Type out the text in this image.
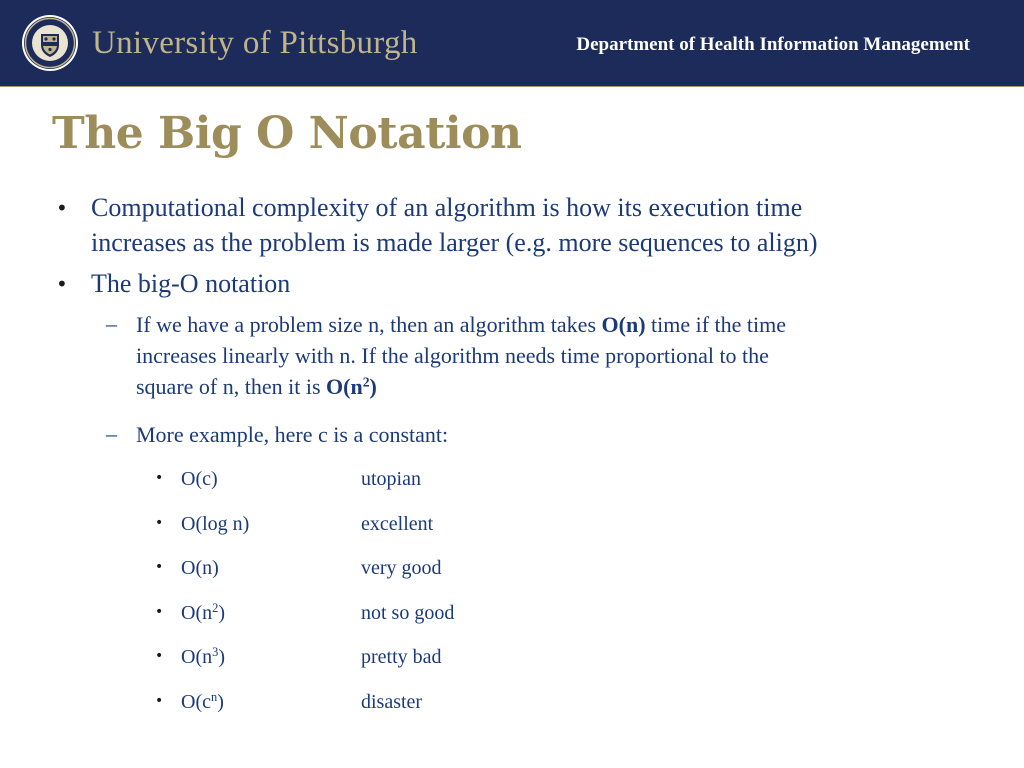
University of Pittsburgh	Department of Health Information Management
The Big O Notation
• Computational complexity of an algorithm is how its execution time
increases as the problem is made larger (e.g. more sequences to align)
• The big-O notation
– If we have a problem size n, then an algorithm takes O(n) time if the time
increases linearly with n. If the algorithm needs time proportional to the
square of n, then it is $O(n^2)$
– More example, here c is a constant:
• O(c)	utopian
• O(log n)	excellent
• O(n)	very good
• $O(n^2)$	not so good
• $O(n^3)$	pretty bad
• $O(c^n)$	disaster
